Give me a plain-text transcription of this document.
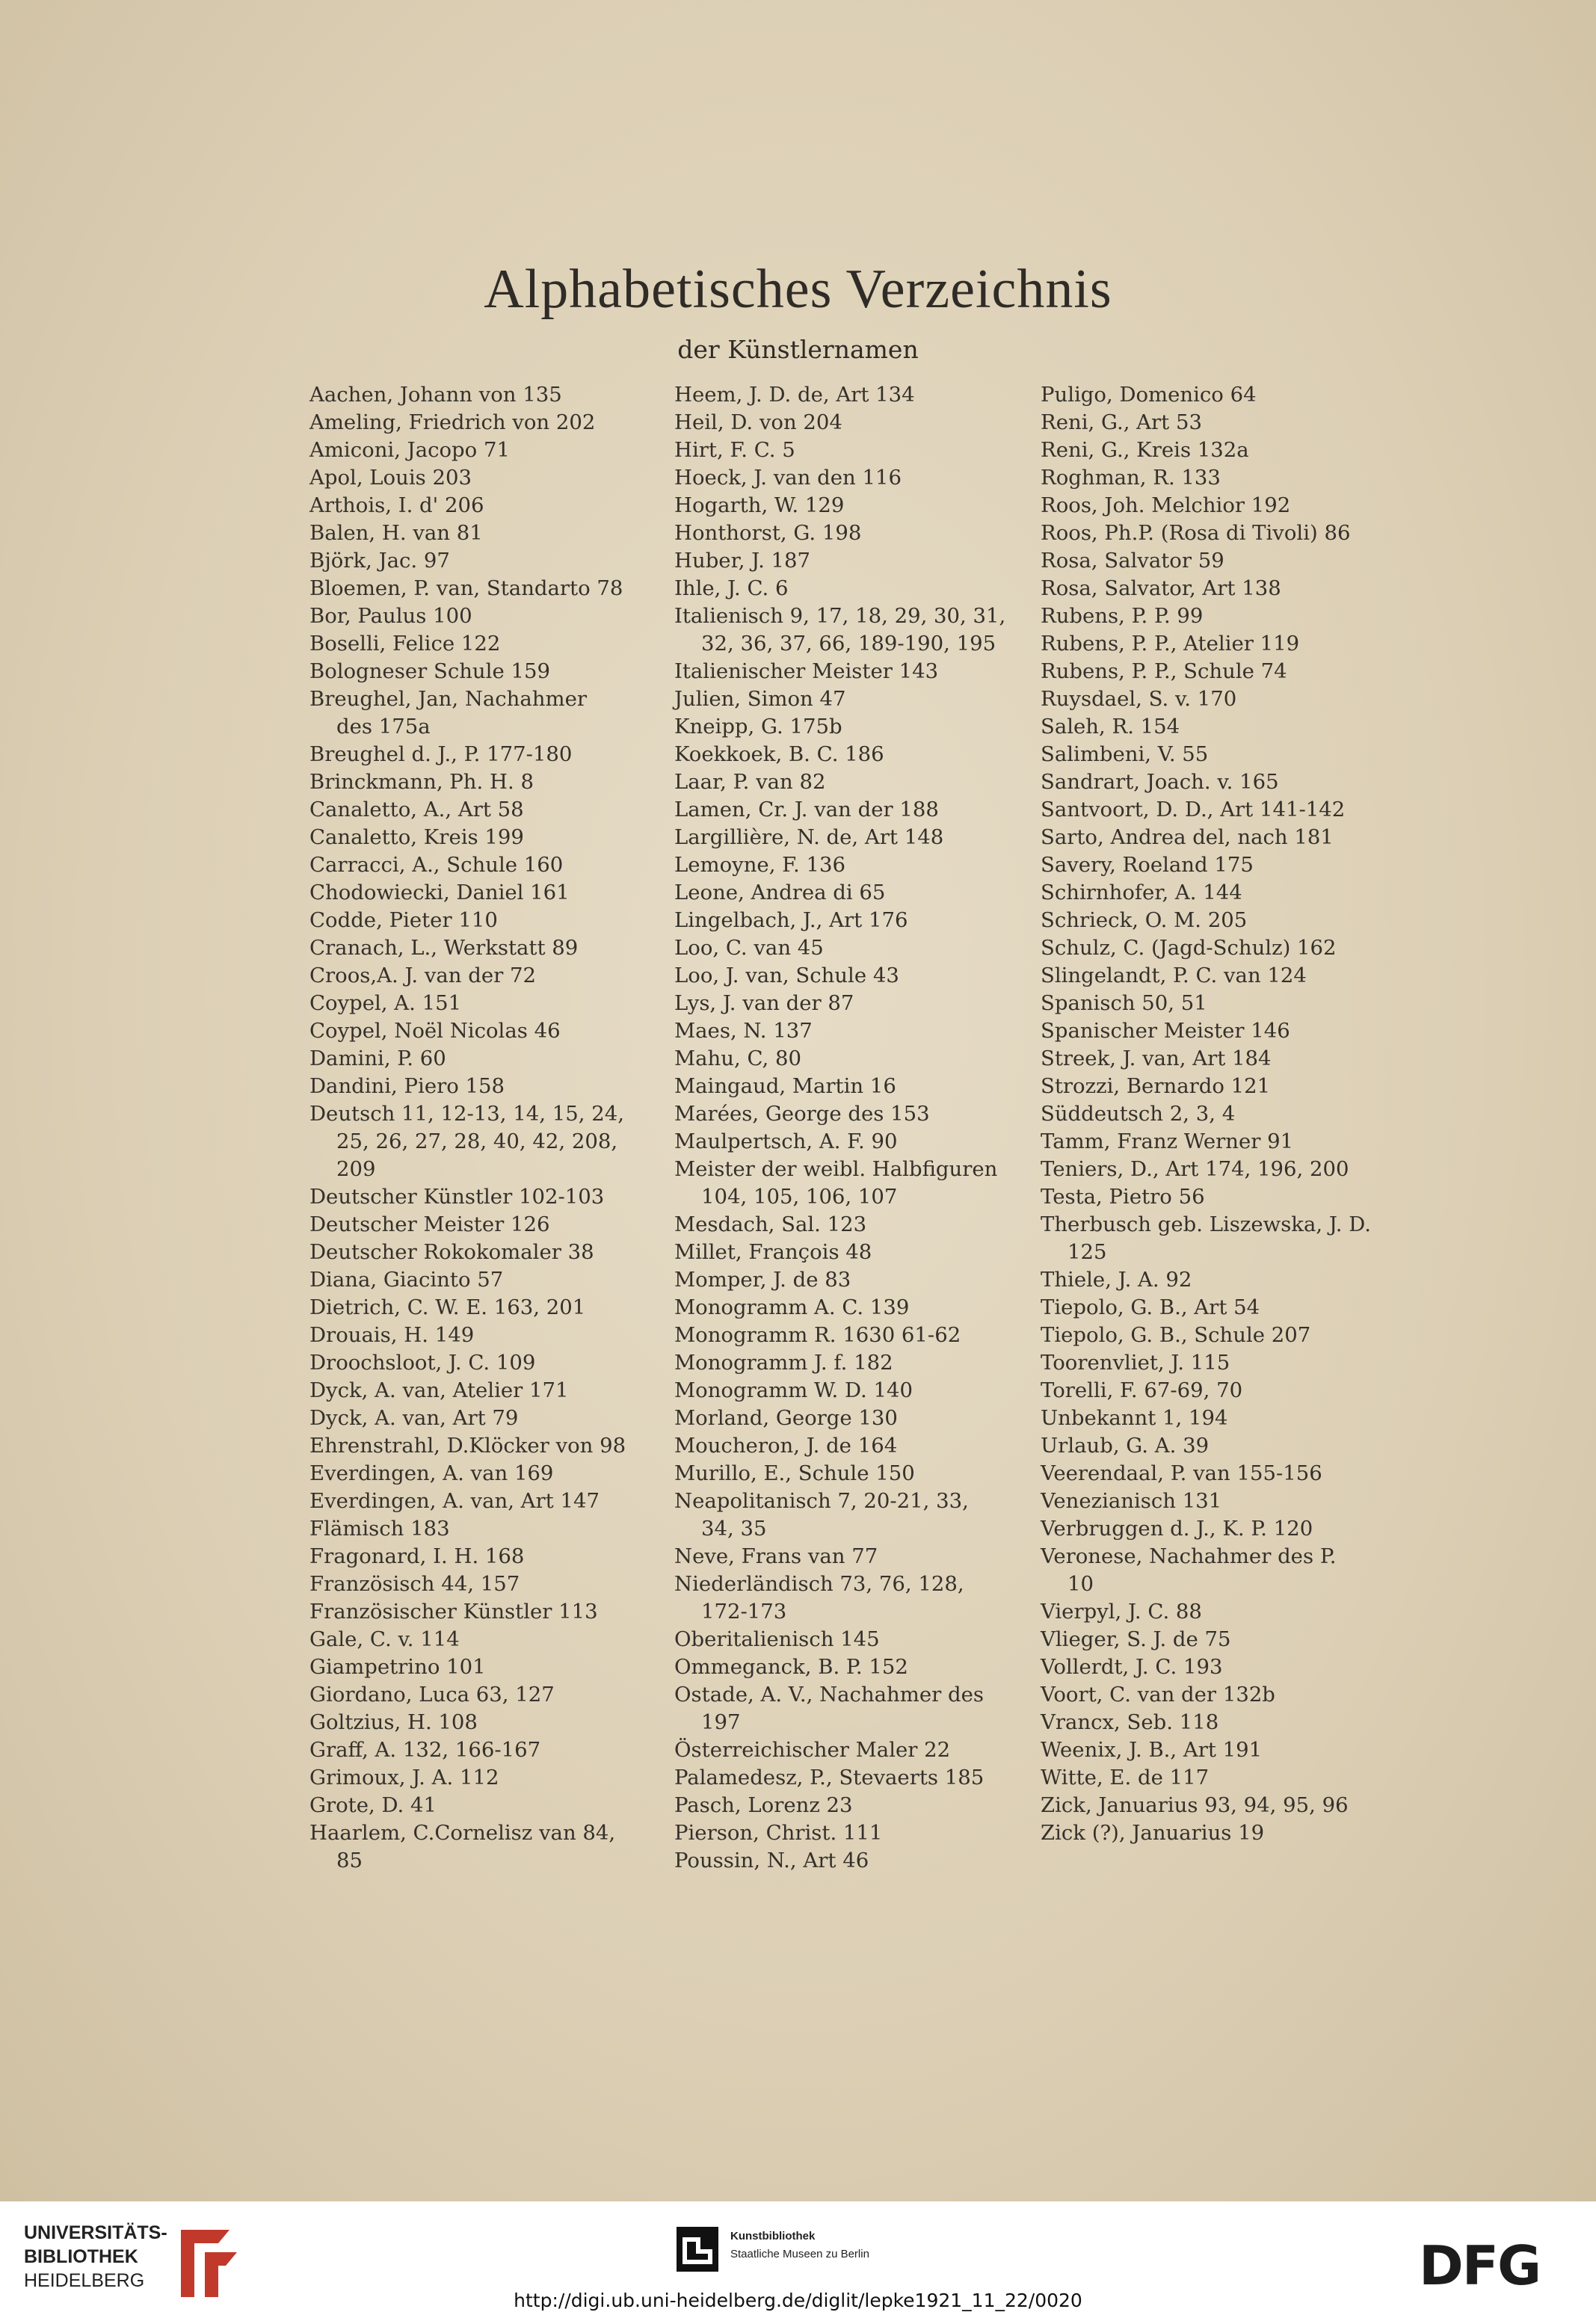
Alphabetisches Verzeichnis
der Künstlernamen
Aachen, Johann von 135
Ameling, Friedrich von 202
Amiconi, Jacopo 71
Apol, Louis 203
Arthois, I. d' 206
Balen, H. van 81
Björk, Jac. 97
Bloemen, P. van, Standarto 78
Bor, Paulus 100
Boselli, Felice 122
Bologneser Schule 159
Breughel, Jan, Nachahmer
des 175a
Breughel d. J., P. 177-180
Brinckmann, Ph. H. 8
Canaletto, A., Art 58
Canaletto, Kreis 199
Carracci, A., Schule 160
Chodowiecki, Daniel 161
Codde, Pieter 110
Cranach, L., Werkstatt 89
Croos,A. J. van der 72
Coypel, A. 151
Coypel, Noël Nicolas 46
Damini, P. 60
Dandini, Piero 158
Deutsch 11, 12-13, 14, 15, 24,
25, 26, 27, 28, 40, 42, 208,
209
Deutscher Künstler 102-103
Deutscher Meister 126
Deutscher Rokokomaler 38
Diana, Giacinto 57
Dietrich, C. W. E. 163, 201
Drouais, H. 149
Droochsloot, J. C. 109
Dyck, A. van, Atelier 171
Dyck, A. van, Art 79
Ehrenstrahl, D.Klöcker von 98
Everdingen, A. van 169
Everdingen, A. van, Art 147
Flämisch 183
Fragonard, I. H. 168
Französisch 44, 157
Französischer Künstler 113
Gale, C. v. 114
Giampetrino 101
Giordano, Luca 63, 127
Goltzius, H. 108
Graff, A. 132, 166-167
Grimoux, J. A. 112
Grote, D. 41
Haarlem, C.Cornelisz van 84,
85
Heem, J. D. de, Art 134
Heil, D. von 204
Hirt, F. C. 5
Hoeck, J. van den 116
Hogarth, W. 129
Honthorst, G. 198
Huber, J. 187
Ihle, J. C. 6
Italienisch 9, 17, 18, 29, 30, 31,
32, 36, 37, 66, 189-190, 195
Italienischer Meister 143
Julien, Simon 47
Kneipp, G. 175b
Koekkoek, B. C. 186
Laar, P. van 82
Lamen, Cr. J. van der 188
Largillière, N. de, Art 148
Lemoyne, F. 136
Leone, Andrea di 65
Lingelbach, J., Art 176
Loo, C. van 45
Loo, J. van, Schule 43
Lys, J. van der 87
Maes, N. 137
Mahu, C, 80
Maingaud, Martin 16
Marées, George des 153
Maulpertsch, A. F. 90
Meister der weibl. Halbfiguren
104, 105, 106, 107
Mesdach, Sal. 123
Millet, François 48
Momper, J. de 83
Monogramm A. C. 139
Monogramm R. 1630 61-62
Monogramm J. f. 182
Monogramm W. D. 140
Morland, George 130
Moucheron, J. de 164
Murillo, E., Schule 150
Neapolitanisch 7, 20-21, 33,
34, 35
Neve, Frans van 77
Niederländisch 73, 76, 128,
172-173
Oberitalienisch 145
Ommeganck, B. P. 152
Ostade, A. V., Nachahmer des
197
Österreichischer Maler 22
Palamedesz, P., Stevaerts 185
Pasch, Lorenz 23
Pierson, Christ. 111
Poussin, N., Art 46
Puligo, Domenico 64
Reni, G., Art 53
Reni, G., Kreis 132a
Roghman, R. 133
Roos, Joh. Melchior 192
Roos, Ph.P. (Rosa di Tivoli) 86
Rosa, Salvator 59
Rosa, Salvator, Art 138
Rubens, P. P. 99
Rubens, P. P., Atelier 119
Rubens, P. P., Schule 74
Ruysdael, S. v. 170
Saleh, R. 154
Salimbeni, V. 55
Sandrart, Joach. v. 165
Santvoort, D. D., Art 141-142
Sarto, Andrea del, nach 181
Savery, Roeland 175
Schirnhofer, A. 144
Schrieck, O. M. 205
Schulz, C. (Jagd-Schulz) 162
Slingelandt, P. C. van 124
Spanisch 50, 51
Spanischer Meister 146
Streek, J. van, Art 184
Strozzi, Bernardo 121
Süddeutsch 2, 3, 4
Tamm, Franz Werner 91
Teniers, D., Art 174, 196, 200
Testa, Pietro 56
Therbusch geb. Liszewska, J. D.
125
Thiele, J. A. 92
Tiepolo, G. B., Art 54
Tiepolo, G. B., Schule 207
Toorenvliet, J. 115
Torelli, F. 67-69, 70
Unbekannt 1, 194
Urlaub, G. A. 39
Veerendaal, P. van 155-156
Venezianisch 131
Verbruggen d. J., K. P. 120
Veronese, Nachahmer des P.
10
Vierpyl, J. C. 88
Vlieger, S. J. de 75
Vollerdt, J. C. 193
Voort, C. van der 132b
Vrancx, Seb. 118
Weenix, J. B., Art 191
Witte, E. de 117
Zick, Januarius 93, 94, 95, 96
Zick (?), Januarius 19
UNIVERSITÄTS-
BIBLIOTHEK
HEIDELBERG
Kunstbibliothek
Staatliche Museen zu Berlin	DFG
http://digi.ub.uni-heidelberg.de/diglit/lepke1921_11_22/0020
